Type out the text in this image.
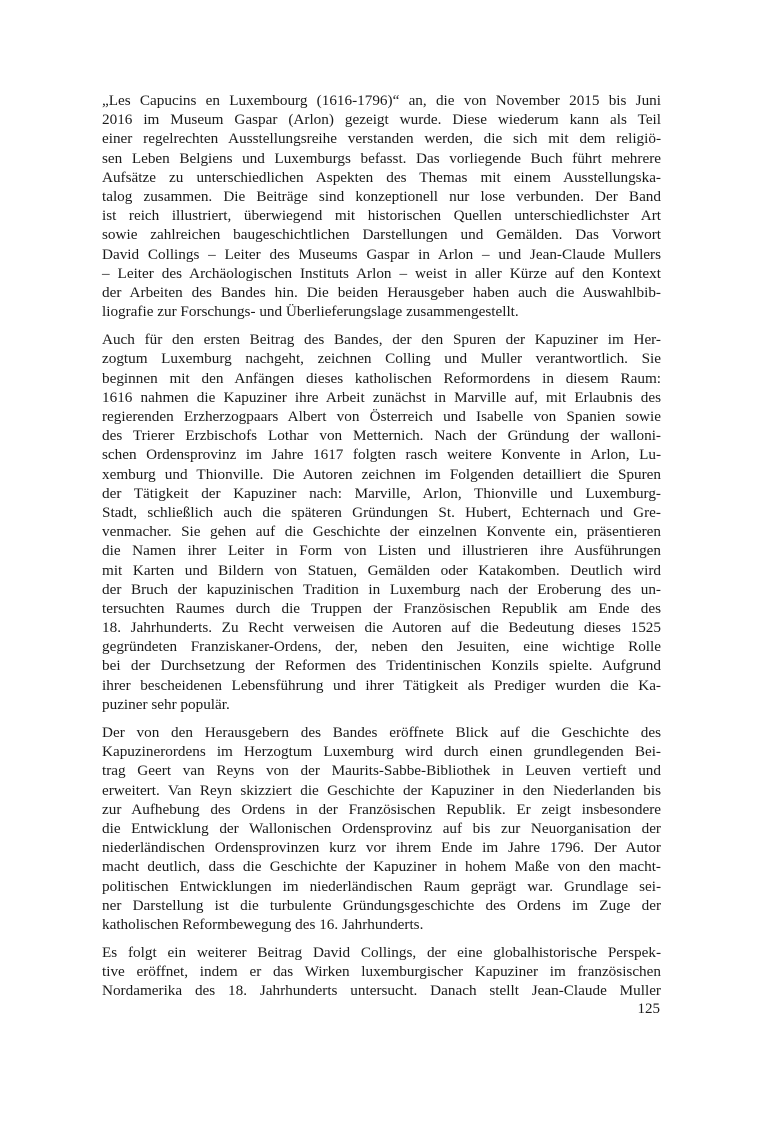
„Les Capucins en Luxembourg (1616-1796)“ an, die von November 2015 bis Juni
2016 im Museum Gaspar (Arlon) gezeigt wurde. Diese wiederum kann als Teil
einer regelrechten Ausstellungsreihe verstanden werden, die sich mit dem religiö-
sen Leben Belgiens und Luxemburgs befasst. Das vorliegende Buch führt mehrere
Aufsätze zu unterschiedlichen Aspekten des Themas mit einem Ausstellungska-
talog zusammen. Die Beiträge sind konzeptionell nur lose verbunden. Der Band
ist reich illustriert, überwiegend mit historischen Quellen unterschiedlichster Art
sowie zahlreichen baugeschichtlichen Darstellungen und Gemälden. Das Vorwort
David Collings – Leiter des Museums Gaspar in Arlon – und Jean-Claude Mullers
– Leiter des Archäologischen Instituts Arlon – weist in aller Kürze auf den Kontext
der Arbeiten des Bandes hin. Die beiden Herausgeber haben auch die Auswahlbib-
liografie zur Forschungs- und Überlieferungslage zusammengestellt.
Auch für den ersten Beitrag des Bandes, der den Spuren der Kapuziner im Her-
zogtum Luxemburg nachgeht, zeichnen Colling und Muller verantwortlich. Sie
beginnen mit den Anfängen dieses katholischen Reformordens in diesem Raum:
1616 nahmen die Kapuziner ihre Arbeit zunächst in Marville auf, mit Erlaubnis des
regierenden Erzherzogpaars Albert von Österreich und Isabelle von Spanien sowie
des Trierer Erzbischofs Lothar von Metternich. Nach der Gründung der walloni-
schen Ordensprovinz im Jahre 1617 folgten rasch weitere Konvente in Arlon, Lu-
xemburg und Thionville. Die Autoren zeichnen im Folgenden detailliert die Spuren
der Tätigkeit der Kapuziner nach: Marville, Arlon, Thionville und Luxemburg-
Stadt, schließlich auch die späteren Gründungen St. Hubert, Echternach und Gre-
venmacher. Sie gehen auf die Geschichte der einzelnen Konvente ein, präsentieren
die Namen ihrer Leiter in Form von Listen und illustrieren ihre Ausführungen
mit Karten und Bildern von Statuen, Gemälden oder Katakomben. Deutlich wird
der Bruch der kapuzinischen Tradition in Luxemburg nach der Eroberung des un-
tersuchten Raumes durch die Truppen der Französischen Republik am Ende des
18. Jahrhunderts. Zu Recht verweisen die Autoren auf die Bedeutung dieses 1525
gegründeten Franziskaner-Ordens, der, neben den Jesuiten, eine wichtige Rolle
bei der Durchsetzung der Reformen des Tridentinischen Konzils spielte. Aufgrund
ihrer bescheidenen Lebensführung und ihrer Tätigkeit als Prediger wurden die Ka-
puziner sehr populär.
Der von den Herausgebern des Bandes eröffnete Blick auf die Geschichte des
Kapuzinerordens im Herzogtum Luxemburg wird durch einen grundlegenden Bei-
trag Geert van Reyns von der Maurits-Sabbe-Bibliothek in Leuven vertieft und
erweitert. Van Reyn skizziert die Geschichte der Kapuziner in den Niederlanden bis
zur Aufhebung des Ordens in der Französischen Republik. Er zeigt insbesondere
die Entwicklung der Wallonischen Ordensprovinz auf bis zur Neuorganisation der
niederländischen Ordensprovinzen kurz vor ihrem Ende im Jahre 1796. Der Autor
macht deutlich, dass die Geschichte der Kapuziner in hohem Maße von den macht-
politischen Entwicklungen im niederländischen Raum geprägt war. Grundlage sei-
ner Darstellung ist die turbulente Gründungsgeschichte des Ordens im Zuge der
katholischen Reformbewegung des 16. Jahrhunderts.
Es folgt ein weiterer Beitrag David Collings, der eine globalhistorische Perspek-
tive eröffnet, indem er das Wirken luxemburgischer Kapuziner im französischen
Nordamerika des 18. Jahrhunderts untersucht. Danach stellt Jean-Claude Muller
125
